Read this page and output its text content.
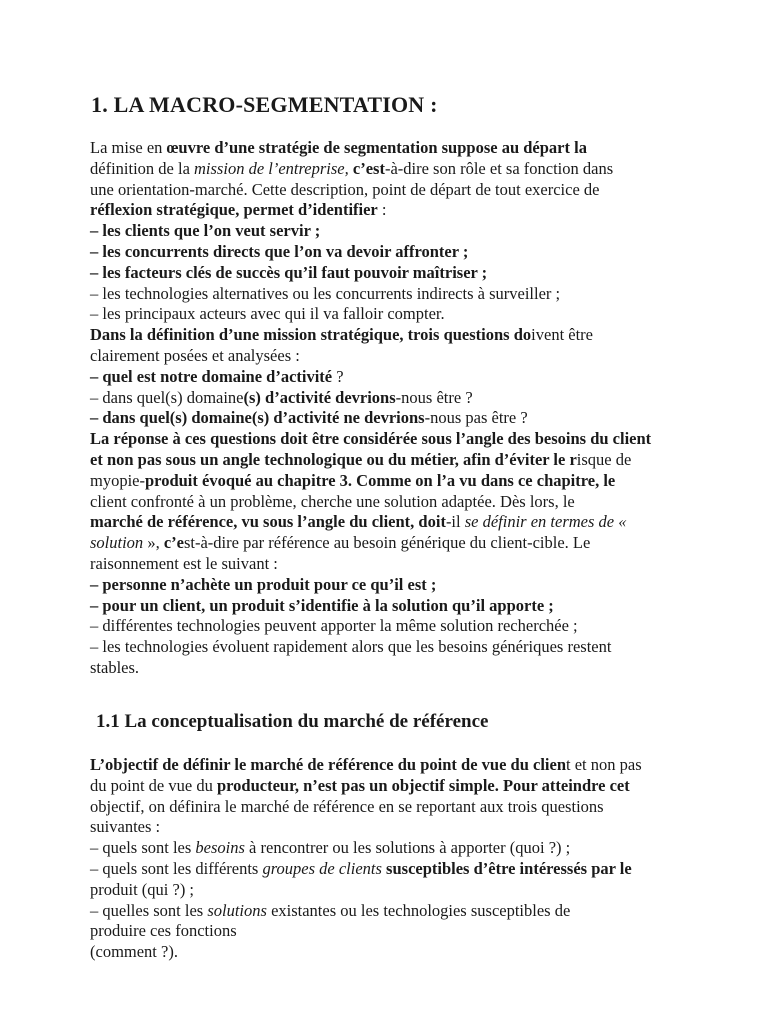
1. LA MACRO-SEGMENTATION :
La mise en œuvre d’une stratégie de segmentation suppose au départ la
définition de la mission de l’entreprise, c’est-à-dire son rôle et sa fonction dans
une orientation-marché. Cette description, point de départ de tout exercice de
réflexion stratégique, permet d’identifier :
– les clients que l’on veut servir ;
– les concurrents directs que l’on va devoir affronter ;
– les facteurs clés de succès qu’il faut pouvoir maîtriser ;
– les technologies alternatives ou les concurrents indirects à surveiller ;
– les principaux acteurs avec qui il va falloir compter.
Dans la définition d’une mission stratégique, trois questions doivent être
clairement posées et analysées :
– quel est notre domaine d’activité ?
– dans quel(s) domaine(s) d’activité devrions-nous être ?
– dans quel(s) domaine(s) d’activité ne devrions-nous pas être ?
La réponse à ces questions doit être considérée sous l’angle des besoins du client
et non pas sous un angle technologique ou du métier, afin d’éviter le risque de
myopie-produit évoqué au chapitre 3. Comme on l’a vu dans ce chapitre, le
client confronté à un problème, cherche une solution adaptée. Dès lors, le
marché de référence, vu sous l’angle du client, doit-il se définir en termes de «
solution », c’est-à-dire par référence au besoin générique du client-cible. Le
raisonnement est le suivant :
– personne n’achète un produit pour ce qu’il est ;
– pour un client, un produit s’identifie à la solution qu’il apporte ;
– différentes technologies peuvent apporter la même solution recherchée ;
– les technologies évoluent rapidement alors que les besoins génériques restent
stables.
1.1 La conceptualisation du marché de référence
L’objectif de définir le marché de référence du point de vue du client et non pas
du point de vue du producteur, n’est pas un objectif simple. Pour atteindre cet
objectif, on définira le marché de référence en se reportant aux trois questions
suivantes :
– quels sont les besoins à rencontrer ou les solutions à apporter (quoi ?) ;
– quels sont les différents groupes de clients susceptibles d’être intéressés par le
produit (qui ?) ;
– quelles sont les solutions existantes ou les technologies susceptibles de
produire ces fonctions
(comment ?).
